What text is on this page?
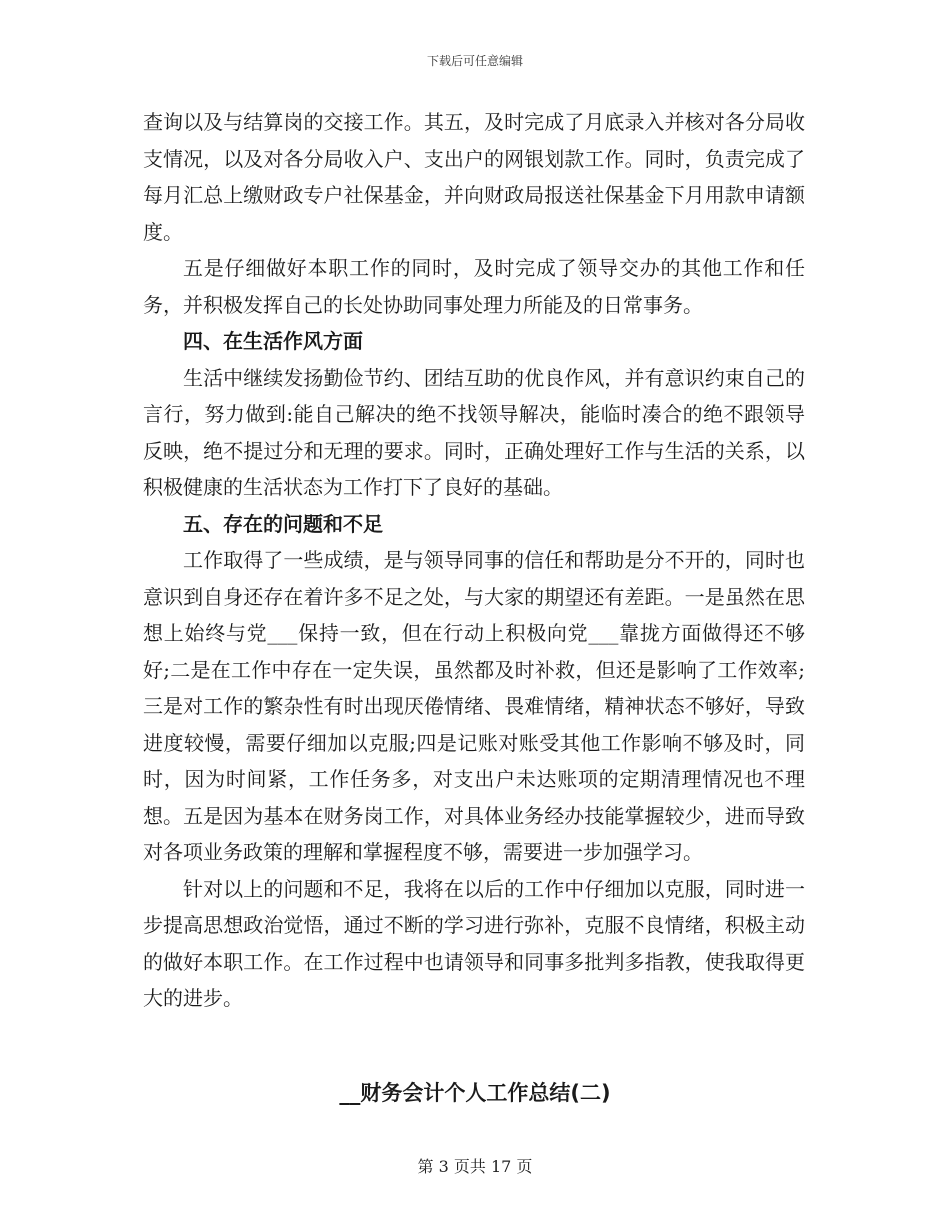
下载后可任意编辑

查询以及与结算岗的交接工作。其五，及时完成了月底录入并核对各分局收支情况，以及对各分局收入户、支出户的网银划款工作。同时，负责完成了每月汇总上缴财政专户社保基金，并向财政局报送社保基金下月用款申请额度。

五是仔细做好本职工作的同时，及时完成了领导交办的其他工作和任务，并积极发挥自己的长处协助同事处理力所能及的日常事务。

四、在生活作风方面

生活中继续发扬勤俭节约、团结互助的优良作风，并有意识约束自己的言行，努力做到:能自己解决的绝不找领导解决，能临时凑合的绝不跟领导反映，绝不提过分和无理的要求。同时，正确处理好工作与生活的关系，以积极健康的生活状态为工作打下了良好的基础。

五、存在的问题和不足

工作取得了一些成绩，是与领导同事的信任和帮助是分不开的，同时也意识到自身还存在着许多不足之处，与大家的期望还有差距。一是虽然在思想上始终与党___保持一致，但在行动上积极向党___靠拢方面做得还不够好;二是在工作中存在一定失误，虽然都及时补救，但还是影响了工作效率;三是对工作的繁杂性有时出现厌倦情绪、畏难情绪，精神状态不够好，导致进度较慢，需要仔细加以克服;四是记账对账受其他工作影响不够及时，同时，因为时间紧，工作任务多，对支出户未达账项的定期清理情况也不理想。五是因为基本在财务岗工作，对具体业务经办技能掌握较少，进而导致对各项业务政策的理解和掌握程度不够，需要进一步加强学习。

针对以上的问题和不足，我将在以后的工作中仔细加以克服，同时进一步提高思想政治觉悟，通过不断的学习进行弥补，克服不良情绪，积极主动的做好本职工作。在工作过程中也请领导和同事多批判多指教，使我取得更大的进步。

__财务会计个人工作总结(二)
第 3 页共 17 页
